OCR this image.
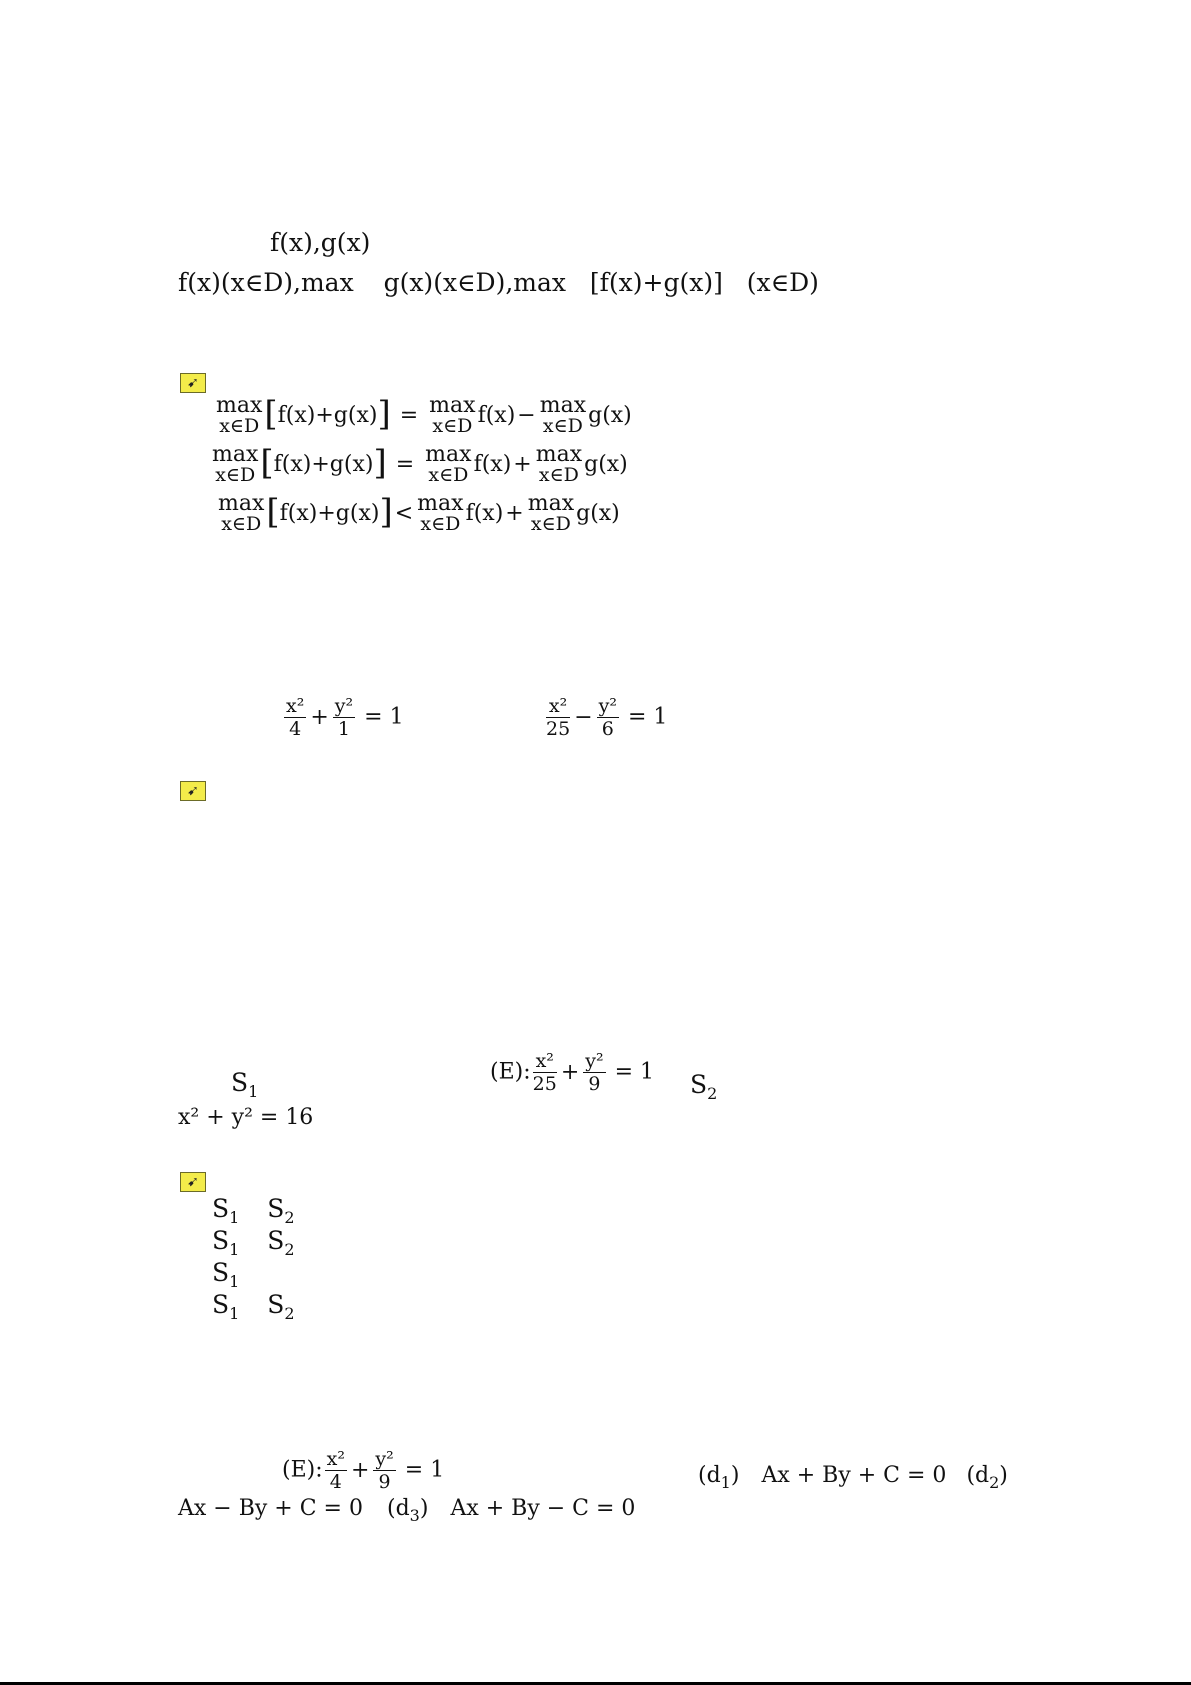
f(x),g(x)
f(x)(x∈D),max g(x)(x∈D),max [f(x)+g(x)] (x∈D)
➹
max
x∈D [f(x)+g(x)] = max
x∈D f(x)− max
x∈D g(x)
max
x∈D [f(x)+g(x)] = max
x∈D f(x)+ max
x∈D g(x)
max
x∈D [f(x)+g(x)]< max
x∈D f(x)+ max
x∈D g(x)
$\frac{\text{x²}}{4} + \frac{\text{y²}}{1} = 1$	$\frac{\text{x²}}{25} - \frac{\text{y²}}{6} = 1$
➹
$S_1$
(E): $\frac{\text{x²}}{25} + \frac{\text{y²}}{9} = 1$ $S_2$
x² + y² = 16
➹
$S_1$ $S_2$
$S_1$ $S_2$
$S_1$
$S_1$ $S_2$
(E): $\frac{\text{x²}}{4} + \frac{\text{y²}}{9} = 1$	$(d_1) Ax + By + C = 0$ $(d_2)$
Ax − By + C = 0 $(d_3) Ax + By - C = 0$
